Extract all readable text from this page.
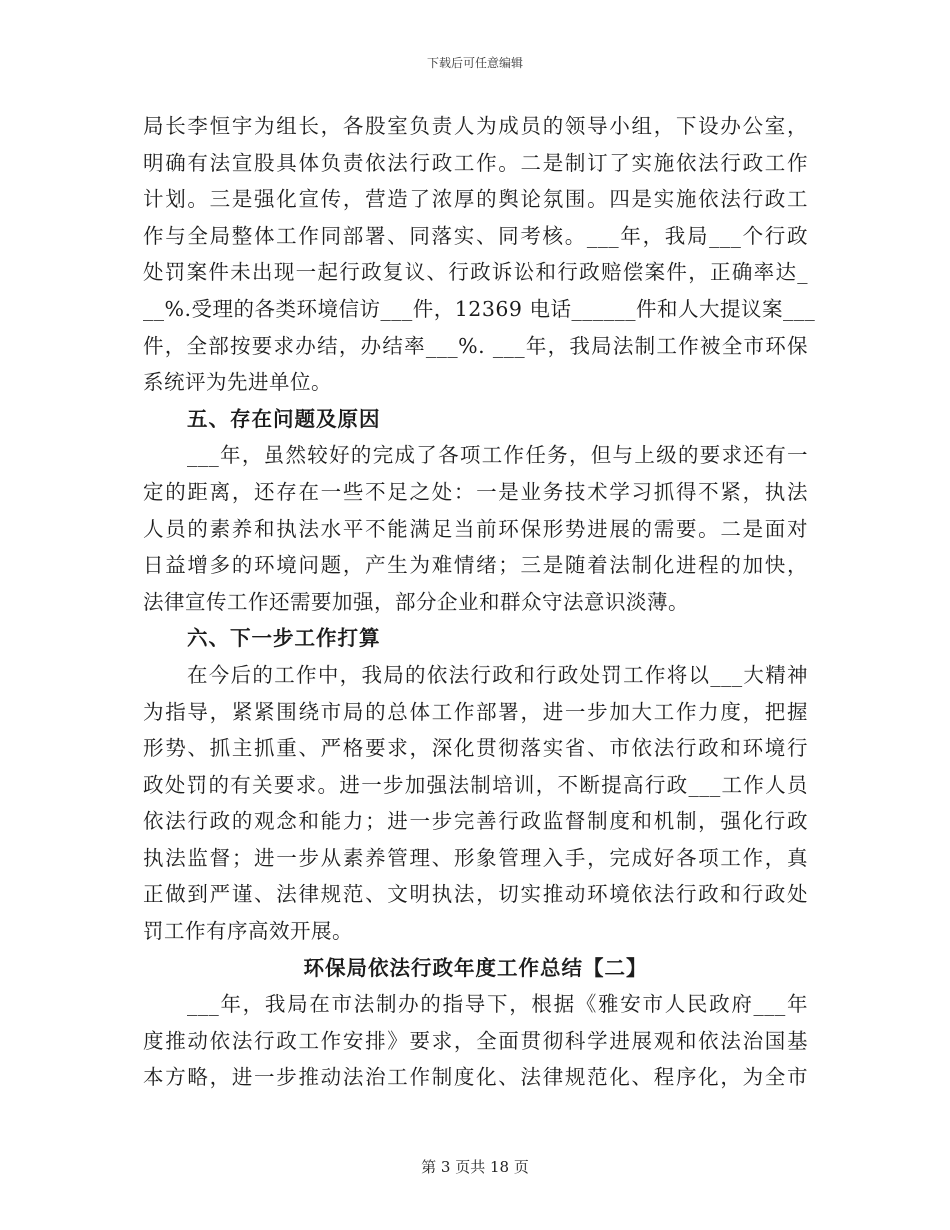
下载后可任意编辑
局长李恒宇为组长，各股室负责人为成员的领导小组，下设办公室，
明确有法宣股具体负责依法行政工作。二是制订了实施依法行政工作
计划。三是强化宣传，营造了浓厚的舆论氛围。四是实施依法行政工
作与全局整体工作同部署、同落实、同考核。___年，我局___个行政
处罚案件未出现一起行政复议、行政诉讼和行政赔偿案件，正确率达_
__%.受理的各类环境信访___件，12369 电话______件和人大提议案___
件，全部按要求办结，办结率___%. ___年，我局法制工作被全市环保
系统评为先进单位。
五、存在问题及原因
___年，虽然较好的完成了各项工作任务，但与上级的要求还有一
定的距离，还存在一些不足之处：一是业务技术学习抓得不紧，执法
人员的素养和执法水平不能满足当前环保形势进展的需要。二是面对
日益增多的环境问题，产生为难情绪；三是随着法制化进程的加快，
法律宣传工作还需要加强，部分企业和群众守法意识淡薄。
六、下一步工作打算
在今后的工作中，我局的依法行政和行政处罚工作将以___大精神
为指导，紧紧围绕市局的总体工作部署，进一步加大工作力度，把握
形势、抓主抓重、严格要求，深化贯彻落实省、市依法行政和环境行
政处罚的有关要求。进一步加强法制培训，不断提高行政___工作人员
依法行政的观念和能力；进一步完善行政监督制度和机制，强化行政
执法监督；进一步从素养管理、形象管理入手，完成好各项工作，真
正做到严谨、法律规范、文明执法，切实推动环境依法行政和行政处
罚工作有序高效开展。
环保局依法行政年度工作总结【二】
___年，我局在市法制办的指导下，根据《雅安市人民政府___年
度推动依法行政工作安排》要求，全面贯彻科学进展观和依法治国基
本方略，进一步推动法治工作制度化、法律规范化、程序化，为全市
第 3 页共 18 页
